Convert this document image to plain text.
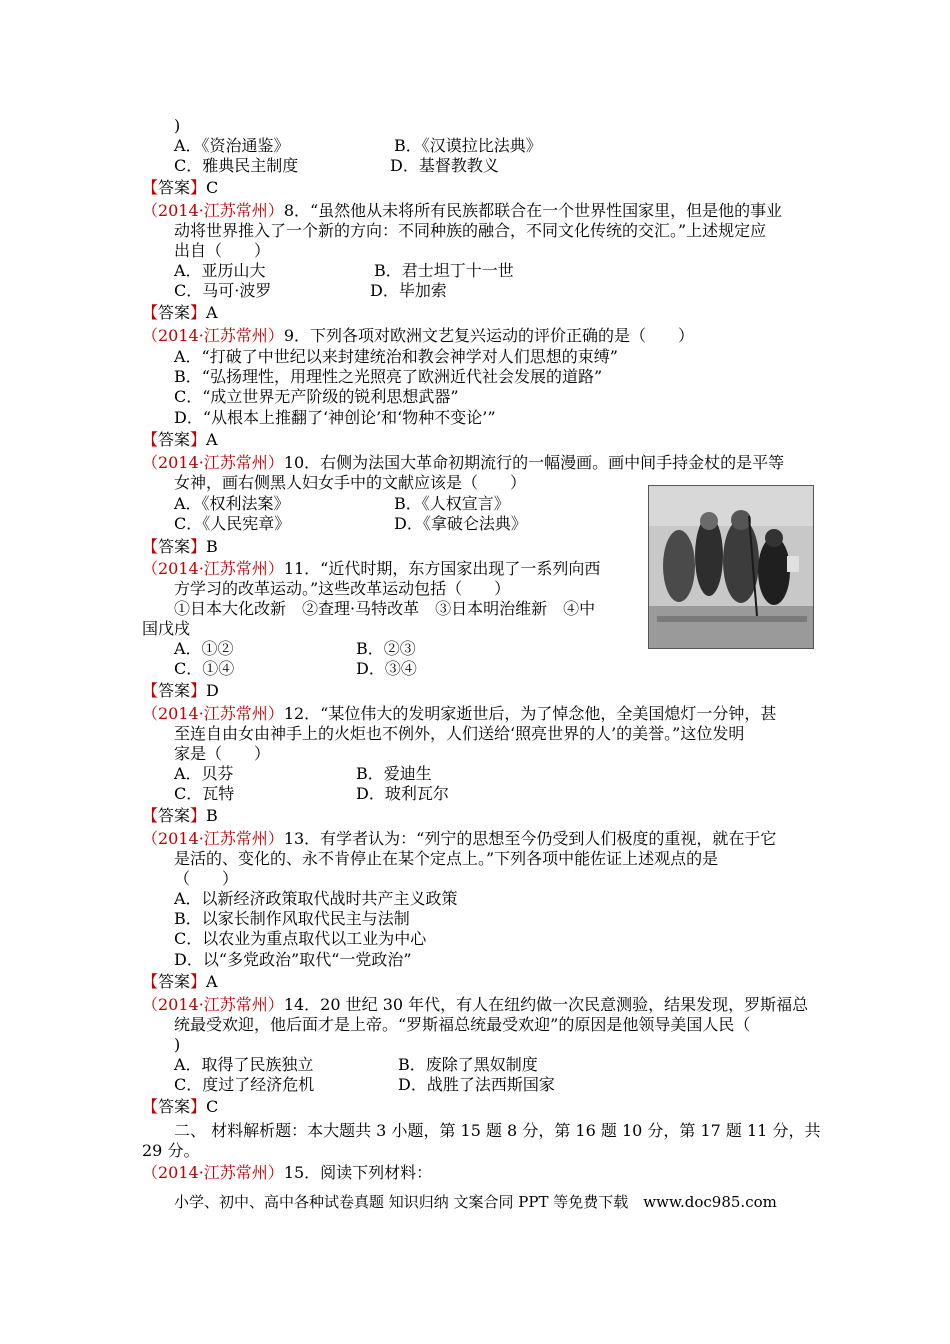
)
A．《资治通鉴》	B．《汉谟拉比法典》
C．雅典民主制度	D．基督教教义
【答案】C
（2014·江苏常州）8．“虽然他从未将所有民族都联合在一个世界性国家里，但是他的事业
动将世界推入了一个新的方向：不同种族的融合，不同文化传统的交汇。”上述规定应
出自（　　）
A．亚历山大	B．君士坦丁十一世
C．马可·波罗	D．毕加索
【答案】A
（2014·江苏常州）9．下列各项对欧洲文艺复兴运动的评价正确的是（　　）
A．“打破了中世纪以来封建统治和教会神学对人们思想的束缚”
B．“弘扬理性，用理性之光照亮了欧洲近代社会发展的道路”
C．“成立世界无产阶级的锐利思想武器”
D．“从根本上推翻了‘神创论’和‘物种不变论’”
【答案】A
（2014·江苏常州）10．右侧为法国大革命初期流行的一幅漫画。画中间手持金杖的是平等
女神，画右侧黑人妇女手中的文献应该是（　　）
A．《权利法案》	B．《人权宣言》
C．《人民宪章》	D．《拿破仑法典》
【答案】B
（2014·江苏常州）11．“近代时期，东方国家出现了一系列向西
方学习的改革运动。”这些改革运动包括（　　）
①日本大化改新　②查理·马特改革　③日本明治维新　④中
国戊戌
A．①②	B．②③
C．①④	D．③④
【答案】D
（2014·江苏常州）12．“某位伟大的发明家逝世后，为了悼念他，全美国熄灯一分钟，甚
至连自由女由神手上的火炬也不例外，人们送给‘照亮世界的人’的美誉。”这位发明
家是（　　）
A．贝芬	B．爱迪生
C．瓦特	D．玻利瓦尔
【答案】B
（2014·江苏常州）13．有学者认为：“列宁的思想至今仍受到人们极度的重视，就在于它
是活的、变化的、永不肯停止在某个定点上。”下列各项中能佐证上述观点的是
（　　）
A．以新经济政策取代战时共产主义政策
B．以家长制作风取代民主与法制
C．以农业为重点取代以工业为中心
D．以“多党政治”取代“一党政治”
【答案】A
（2014·江苏常州）14．20 世纪 30 年代，有人在纽约做一次民意测验，结果发现，罗斯福总
统最受欢迎，他后面才是上帝。“罗斯福总统最受欢迎”的原因是他领导美国人民（
)
A．取得了民族独立	B．废除了黑奴制度
C．度过了经济危机	D．战胜了法西斯国家
【答案】C
二、 材料解析题：本大题共 3 小题，第 15 题 8 分，第 16 题 10 分，第 17 题 11 分，共
29 分。
（2014·江苏常州）15．阅读下列材料：
小学、初中、高中各种试卷真题 知识归纳 文案合同 PPT 等免费下载　www.doc985.com
